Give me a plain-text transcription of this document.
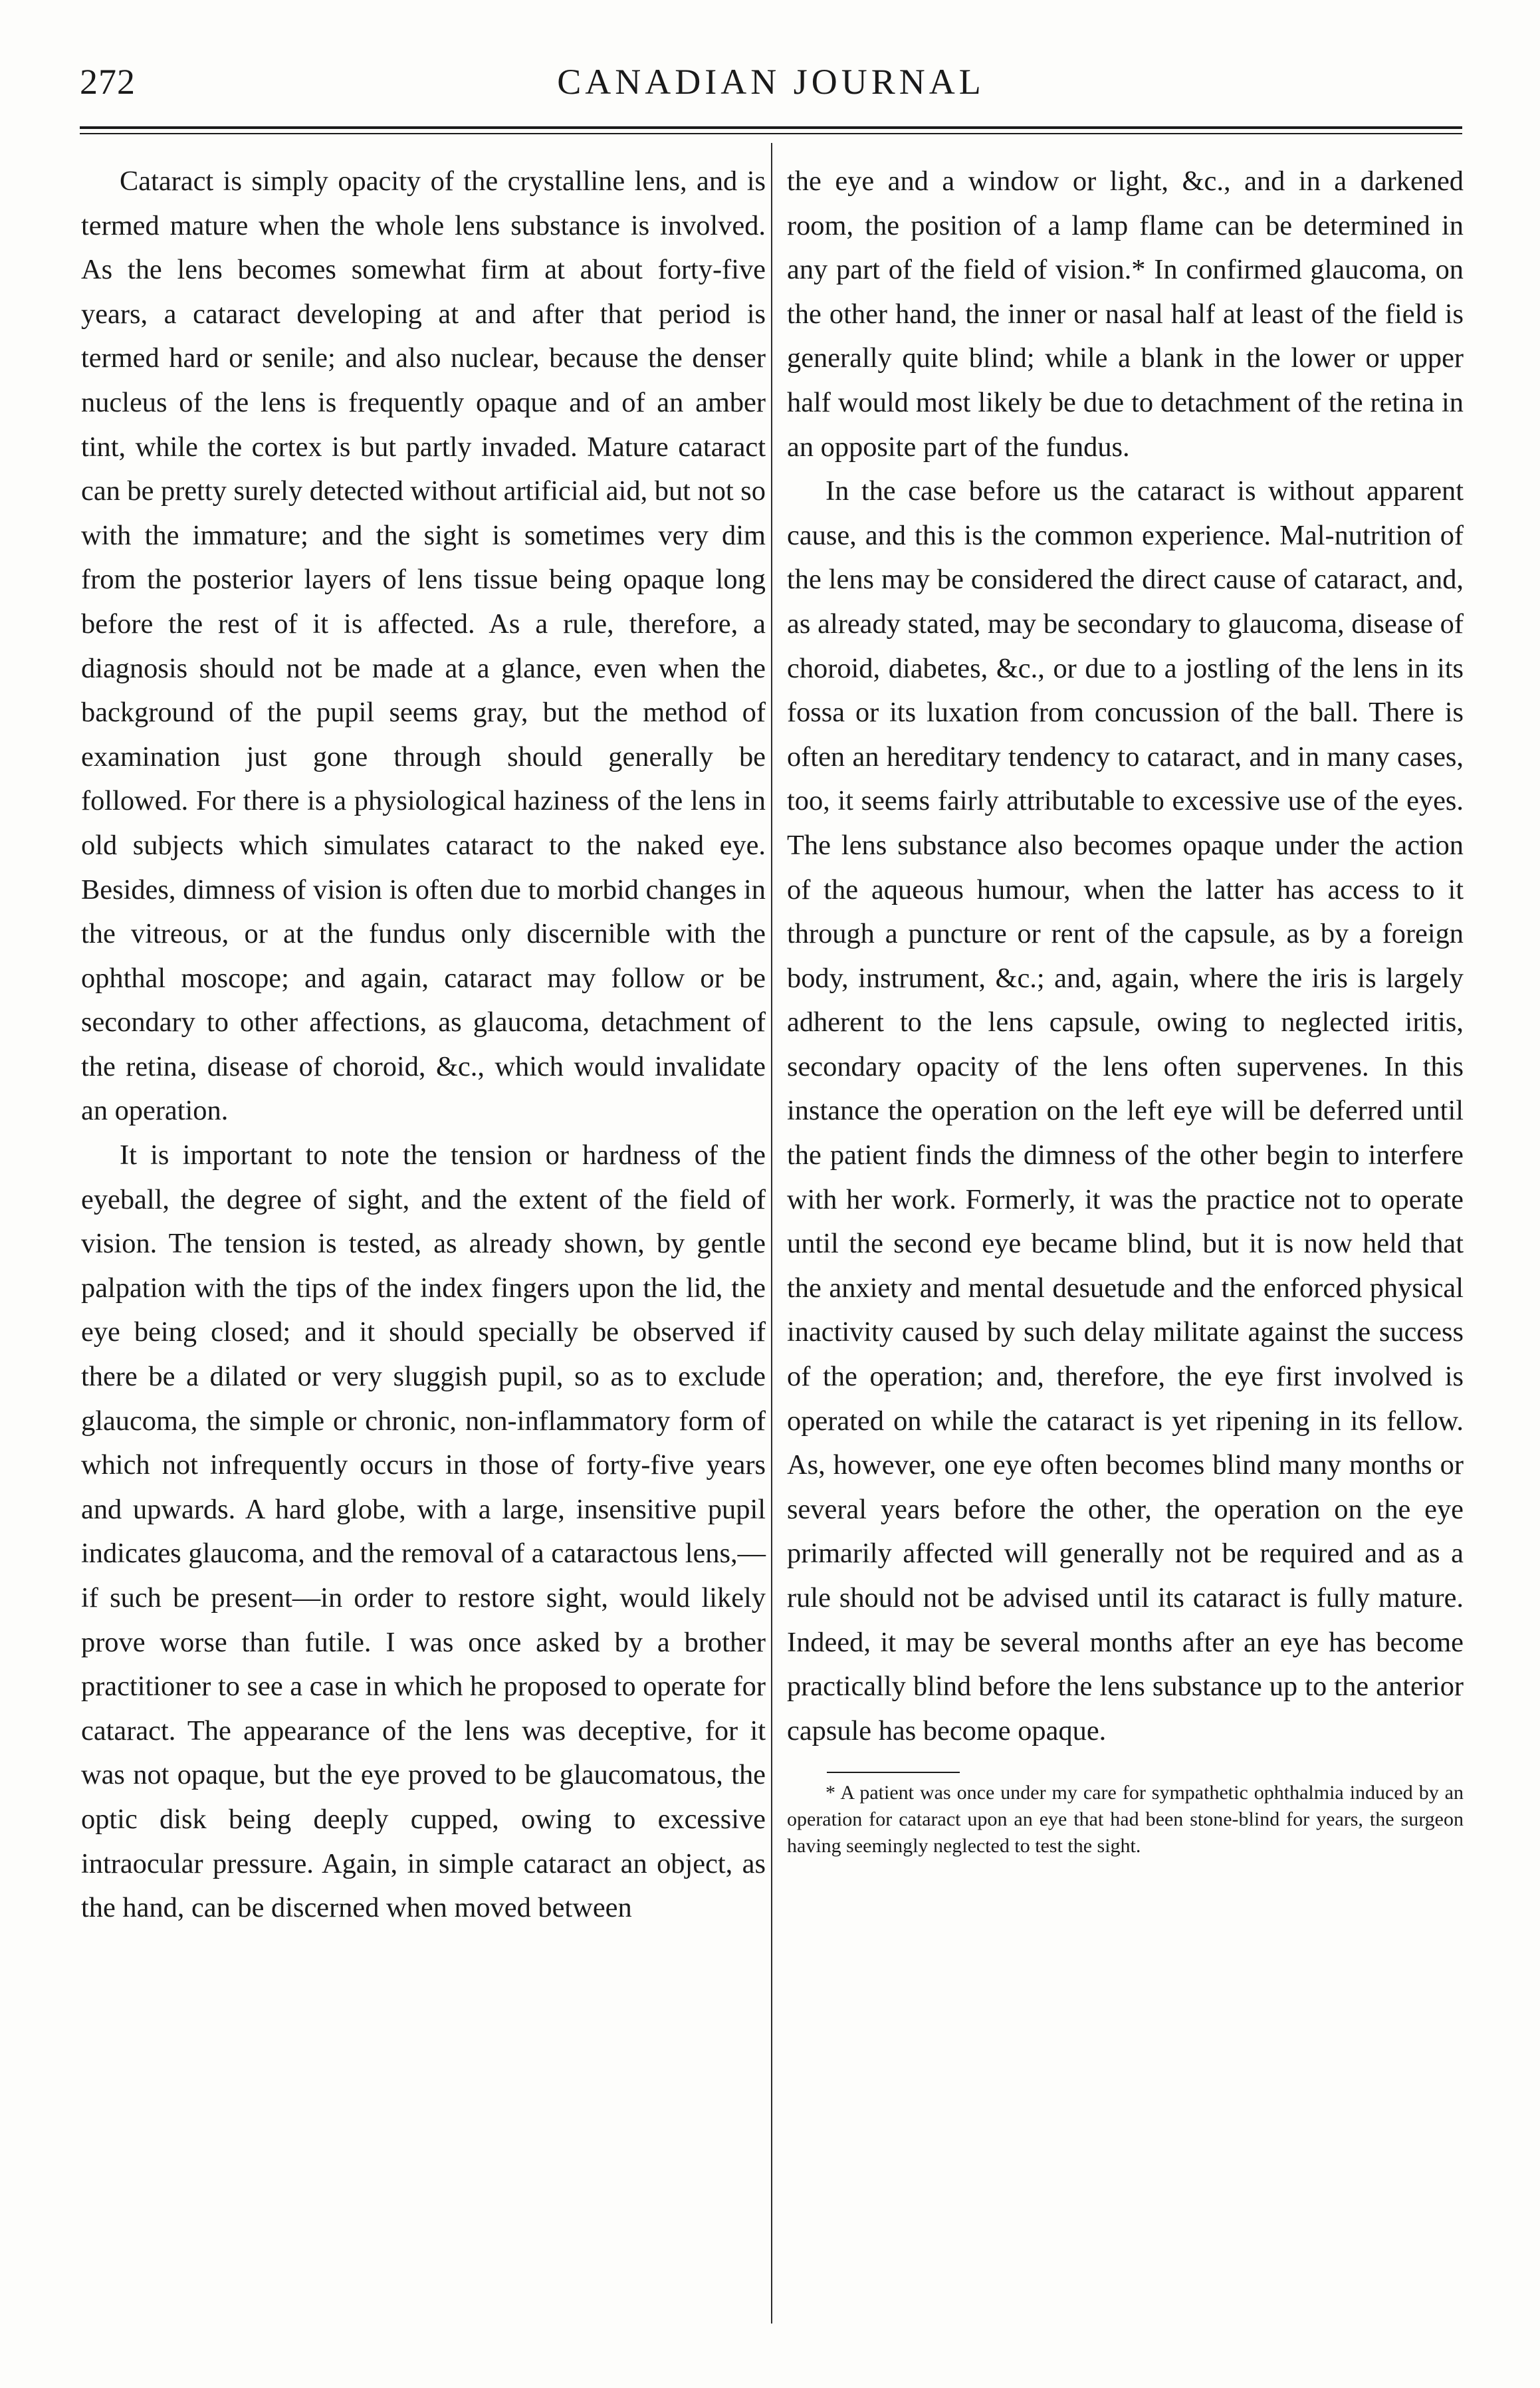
272	CANADIAN JOURNAL

Cataract is simply opacity of the crystalline lens, and is termed mature when the whole lens substance is involved. As the lens becomes somewhat firm at about forty-five years, a cataract developing at and after that period is termed hard or senile; and also nuclear, because the denser nucleus of the lens is frequently opaque and of an amber tint, while the cortex is but partly invaded. Mature cataract can be pretty surely detected without artificial aid, but not so with the immature; and the sight is sometimes very dim from the posterior layers of lens tissue being opaque long before the rest of it is affected. As a rule, therefore, a diagnosis should not be made at a glance, even when the background of the pupil seems gray, but the method of examination just gone through should generally be followed. For there is a physiological haziness of the lens in old subjects which simulates cataract to the naked eye. Besides, dimness of vision is often due to morbid changes in the vitreous, or at the fundus only discernible with the ophthal moscope; and again, cataract may follow or be secondary to other affections, as glaucoma, detachment of the retina, disease of choroid, &c., which would invalidate an operation.

It is important to note the tension or hardness of the eyeball, the degree of sight, and the extent of the field of vision. The tension is tested, as already shown, by gentle palpation with the tips of the index fingers upon the lid, the eye being closed; and it should specially be observed if there be a dilated or very sluggish pupil, so as to exclude glaucoma, the simple or chronic, non-inflammatory form of which not infrequently occurs in those of forty-five years and upwards. A hard globe, with a large, insensitive pupil indicates glaucoma, and the removal of a cataractous lens,—if such be present—in order to restore sight, would likely prove worse than futile. I was once asked by a brother practitioner to see a case in which he proposed to operate for cataract. The appearance of the lens was deceptive, for it was not opaque, but the eye proved to be glaucomatous, the optic disk being deeply cupped, owing to excessive intraocular pressure. Again, in simple cataract an object, as the hand, can be discerned when moved between

the eye and a window or light, &c., and in a darkened room, the position of a lamp flame can be determined in any part of the field of vision.* In confirmed glaucoma, on the other hand, the inner or nasal half at least of the field is generally quite blind; while a blank in the lower or upper half would most likely be due to detachment of the retina in an opposite part of the fundus.

In the case before us the cataract is without apparent cause, and this is the common experience. Mal-nutrition of the lens may be considered the direct cause of cataract, and, as already stated, may be secondary to glaucoma, disease of choroid, diabetes, &c., or due to a jostling of the lens in its fossa or its luxation from concussion of the ball. There is often an hereditary tendency to cataract, and in many cases, too, it seems fairly attributable to excessive use of the eyes. The lens substance also becomes opaque under the action of the aqueous humour, when the latter has access to it through a puncture or rent of the capsule, as by a foreign body, instrument, &c.; and, again, where the iris is largely adherent to the lens capsule, owing to neglected iritis, secondary opacity of the lens often supervenes. In this instance the operation on the left eye will be deferred until the patient finds the dimness of the other begin to interfere with her work. Formerly, it was the practice not to operate until the second eye became blind, but it is now held that the anxiety and mental desuetude and the enforced physical inactivity caused by such delay militate against the success of the operation; and, therefore, the eye first involved is operated on while the cataract is yet ripening in its fellow. As, however, one eye often becomes blind many months or several years before the other, the operation on the eye primarily affected will generally not be required and as a rule should not be advised until its cataract is fully mature. Indeed, it may be several months after an eye has become practically blind before the lens substance up to the anterior capsule has become opaque.

* A patient was once under my care for sympathetic ophthalmia induced by an operation for cataract upon an eye that had been stone-blind for years, the surgeon having seemingly neglected to test the sight.
